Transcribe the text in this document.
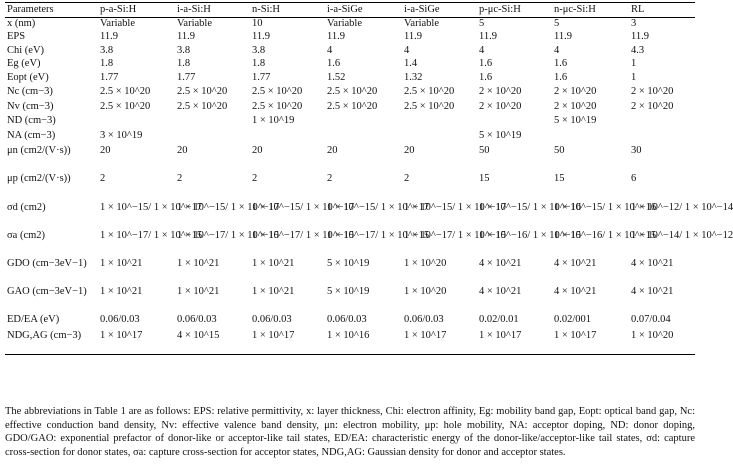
Parameters	p-a-Si:H	i-a-Si:H	n-Si:H	i-a-SiGe	i-a-SiGe	p-μc-Si:H	n-μc-Si:H	RL
x (nm)	Variable	Variable	10	Variable	Variable	5	5	3
EPS	11.9	11.9	11.9	11.9	11.9	11.9	11.9	11.9
Chi (eV)	3.8	3.8	3.8	4	4	4	4	4.3
Eg (eV)	1.8	1.8	1.8	1.6	1.4	1.6	1.6	1
Eopt (eV)	1.77	1.77	1.77	1.52	1.32	1.6	1.6	1
Nc (cm−3)	2.5 × 10^20	2.5 × 10^20	2.5 × 10^20	2.5 × 10^20	2.5 × 10^20	2 × 10^20	2 × 10^20	2 × 10^20
Nv (cm−3)	2.5 × 10^20	2.5 × 10^20	2.5 × 10^20	2.5 × 10^20	2.5 × 10^20	2 × 10^20	2 × 10^20	2 × 10^20
ND (cm−3)			1 × 10^19				5 × 10^19	
NA (cm−3)	3 × 10^19					5 × 10^19		
μn (cm2/(V·s))	20	20	20	20	20	50	50	30
μp (cm2/(V·s))	2	2	2	2	2	15	15	6
σd (cm2)	1 × 10^−15/ 1 × 10^−17	1 × 10^−15/ 1 × 10^−17	1 × 10^−15/ 1 × 10^−17	1 × 10^−15/ 1 × 10^−17	1 × 10^−15/ 1 × 10^−17	1 × 10^−15/ 1 × 10^−16	1 × 10^−15/ 1 × 10^−16	1 × 10^−12/ 1 × 10^−14
σa (cm2)	1 × 10^−17/ 1 × 10^−15	1 × 10^−17/ 1 × 10^−15	1 × 10^−17/ 1 × 10^−15	1 × 10^−17/ 1 × 10^−15	1 × 10^−17/ 1 × 10^−15	1 × 10^−16/ 1 × 10^−15	1 × 10^−16/ 1 × 10^−15	1 × 10^−14/ 1 × 10^−12
GDO (cm−3eV−1)	1 × 10^21	1 × 10^21	1 × 10^21	5 × 10^19	1 × 10^20	4 × 10^21	4 × 10^21	4 × 10^21
GAO (cm−3eV−1)	1 × 10^21	1 × 10^21	1 × 10^21	5 × 10^19	1 × 10^20	4 × 10^21	4 × 10^21	4 × 10^21
ED/EA (eV)	0.06/0.03	0.06/0.03	0.06/0.03	0.06/0.03	0.06/0.03	0.02/0.01	0.02/001	0.07/0.04
NDG,AG (cm−3)	1 × 10^17	4 × 10^15	1 × 10^17	1 × 10^16	1 × 10^17	1 × 10^17	1 × 10^17	1 × 10^20
The abbreviations in Table 1 are as follows: EPS: relative permittivity, x: layer thickness, Chi: electron affinity, Eg: mobility band gap, Eopt: optical band gap, Nc: effective conduction band density, Nv: effective valence band density, μn: electron mobility, μp: hole mobility, NA: acceptor doping, ND: donor doping, GDO/GAO: exponential prefactor of donor-like or acceptor-like tail states, ED/EA: characteristic energy of the donor-like/acceptor-like tail states, σd: capture cross-section for donor states, σa: capture cross-section for acceptor states, NDG,AG: Gaussian density for donor and acceptor states.
